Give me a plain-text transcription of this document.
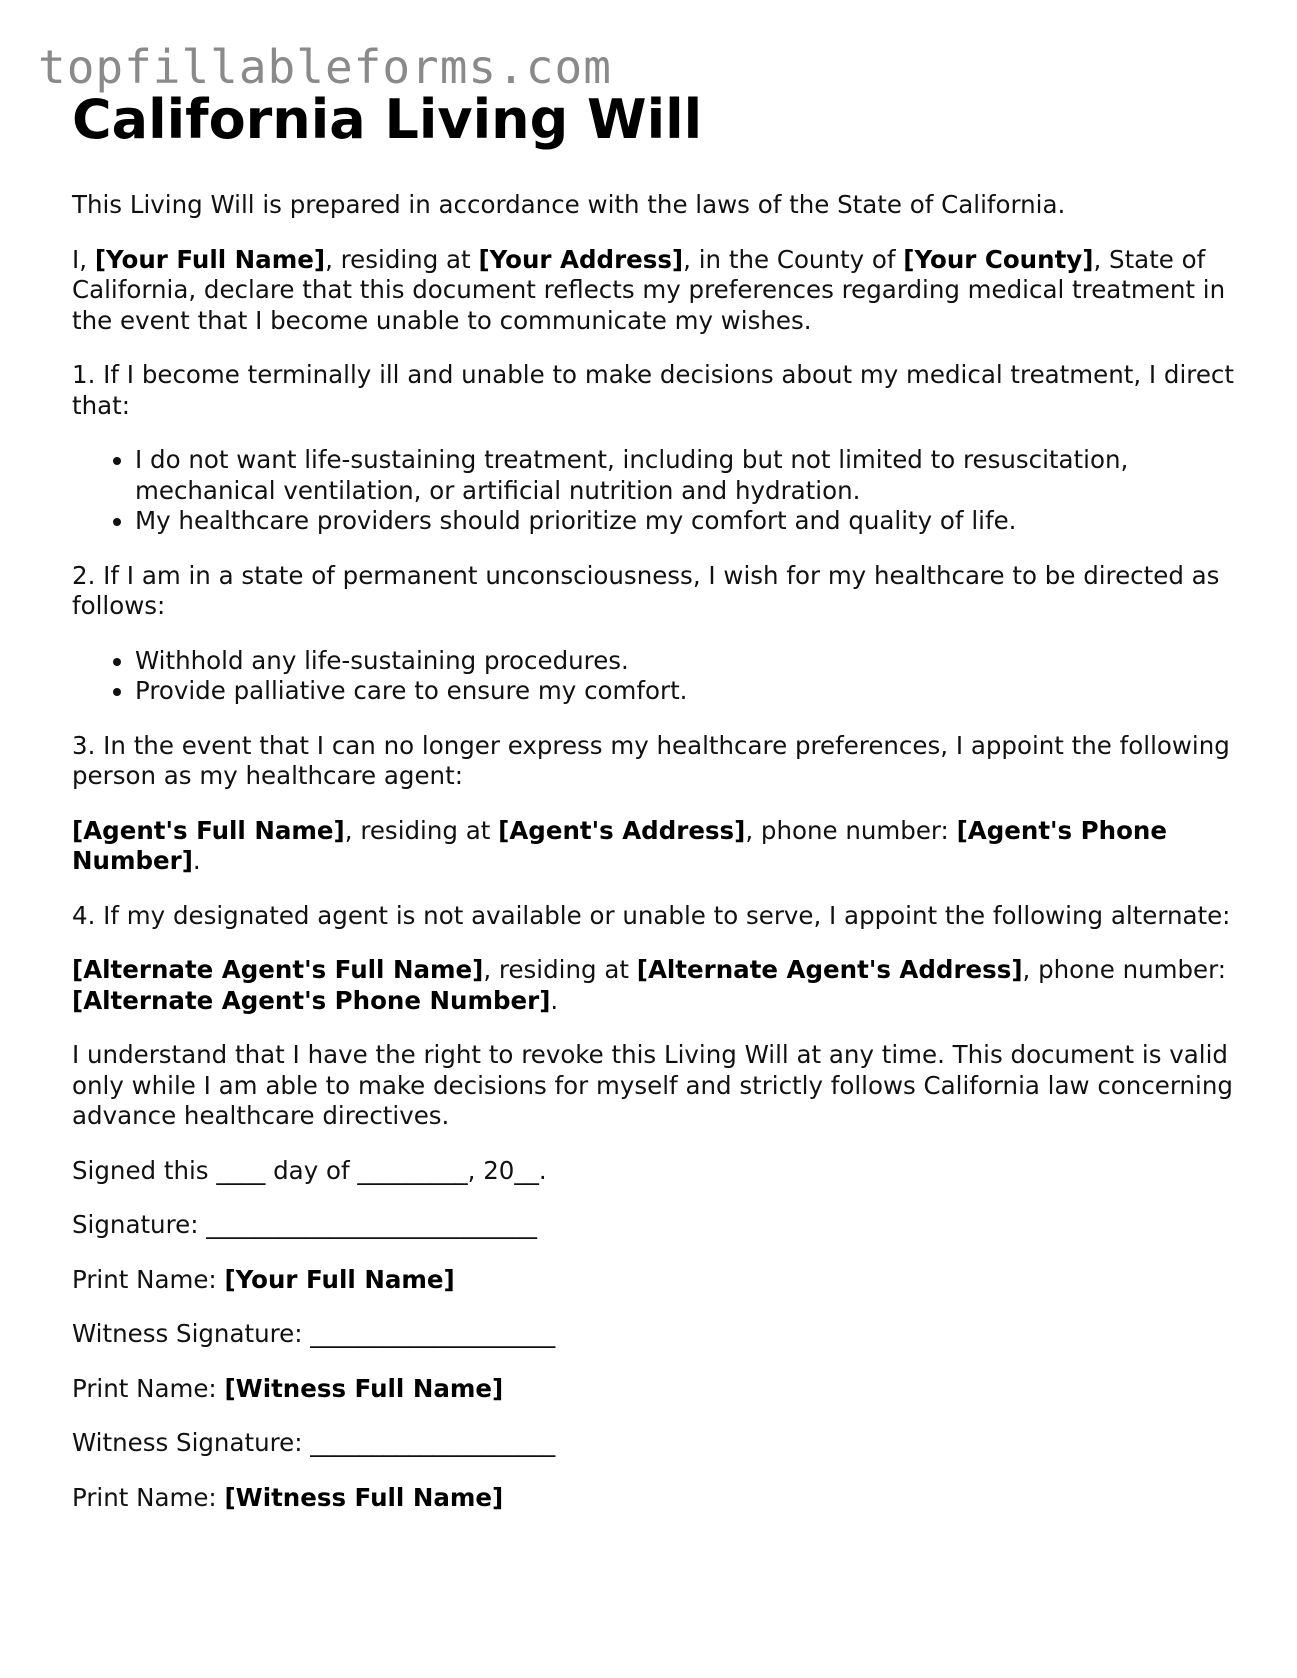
topfillableforms.com
California Living Will

This Living Will is prepared in accordance with the laws of the State of California.

I, [Your Full Name], residing at [Your Address], in the County of [Your County], State of California, declare that this document reflects my preferences regarding medical treatment in the event that I become unable to communicate my wishes.

1. If I become terminally ill and unable to make decisions about my medical treatment, I direct that:

• I do not want life-sustaining treatment, including but not limited to resuscitation, mechanical ventilation, or artificial nutrition and hydration.
• My healthcare providers should prioritize my comfort and quality of life.

2. If I am in a state of permanent unconsciousness, I wish for my healthcare to be directed as follows:

• Withhold any life-sustaining procedures.
• Provide palliative care to ensure my comfort.

3. In the event that I can no longer express my healthcare preferences, I appoint the following person as my healthcare agent:

[Agent's Full Name], residing at [Agent's Address], phone number: [Agent's Phone Number].

4. If my designated agent is not available or unable to serve, I appoint the following alternate:

[Alternate Agent's Full Name], residing at [Alternate Agent's Address], phone number: [Alternate Agent's Phone Number].

I understand that I have the right to revoke this Living Will at any time. This document is valid only while I am able to make decisions for myself and strictly follows California law concerning advance healthcare directives.

Signed this ____ day of _________, 20__.

Signature: ___________________________

Print Name: [Your Full Name]

Witness Signature: ____________________

Print Name: [Witness Full Name]

Witness Signature: ____________________

Print Name: [Witness Full Name]
